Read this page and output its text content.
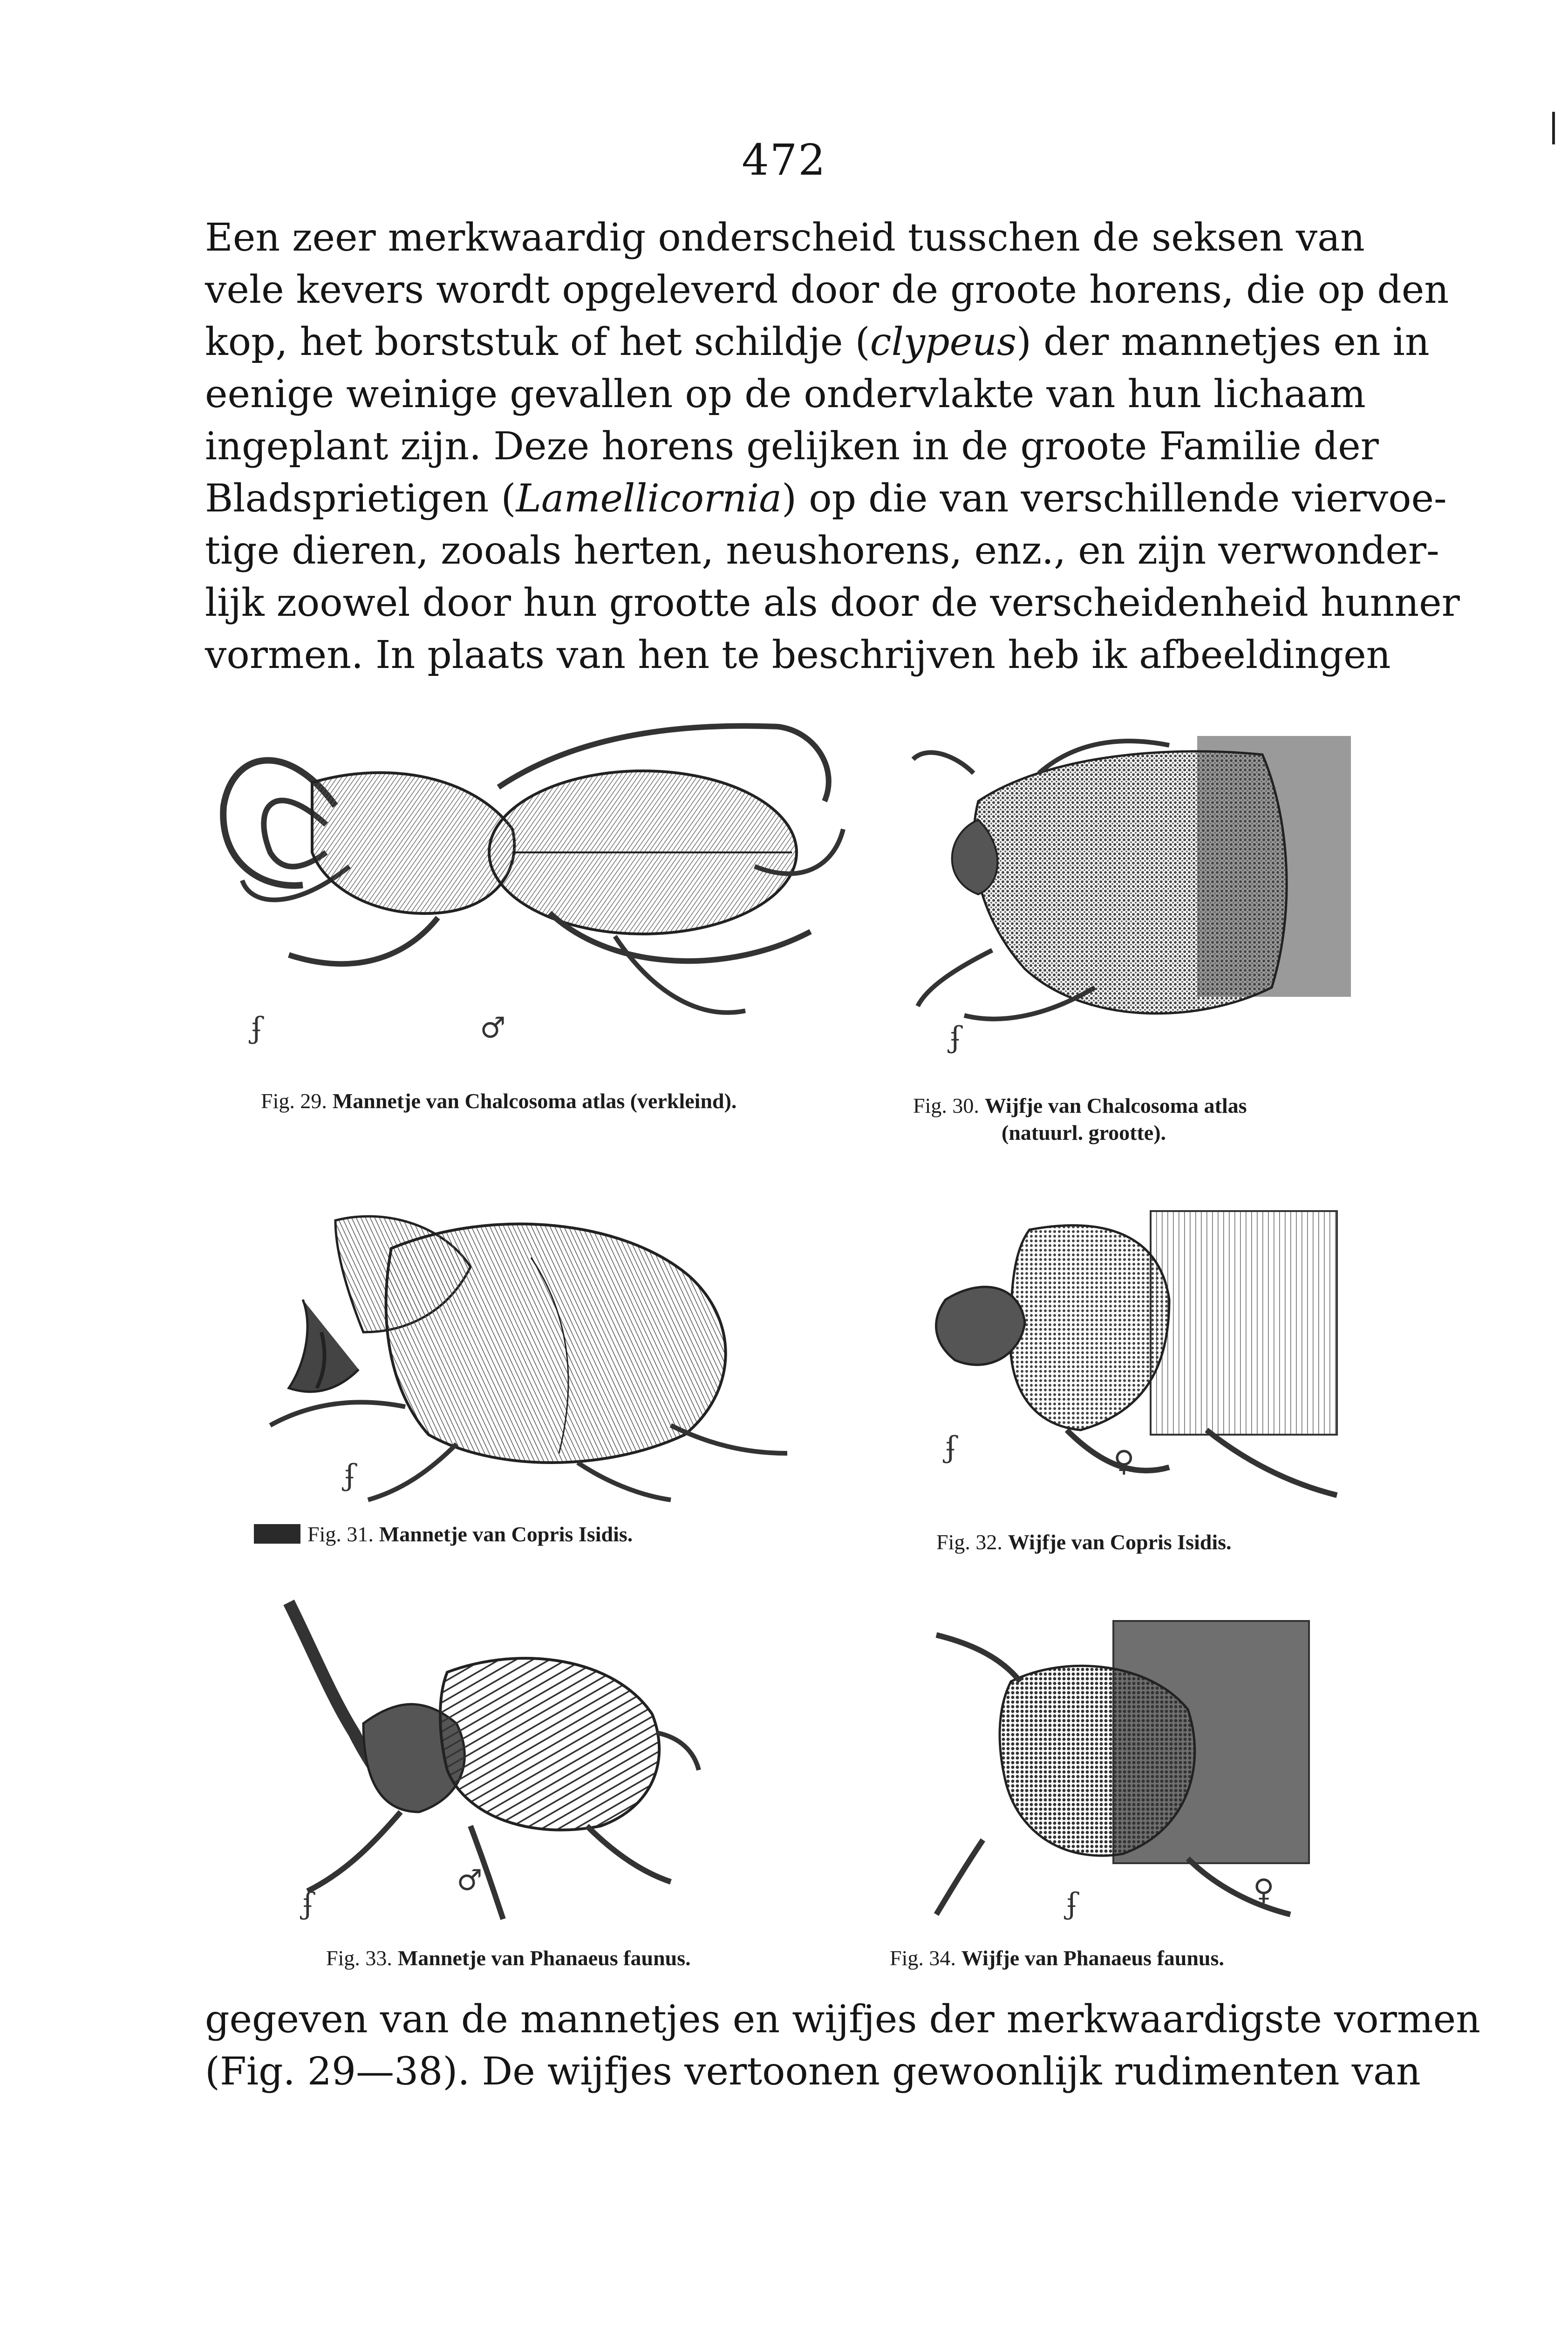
472
Een zeer merkwaardig onderscheid tusschen de seksen van
vele kevers wordt opgeleverd door de groote horens, die op den
kop, het borststuk of het schildje (clypeus) der mannetjes en in
eenige weinige gevallen op de ondervlakte van hun lichaam
ingeplant zijn. Deze horens gelijken in de groote Familie der
Bladsprietigen (Lamellicornia) op die van verschillende viervoe-
tige dieren, zooals herten, neushorens, enz., en zijn verwonder-
lijk zoowel door hun grootte als door de verscheidenheid hunner
vormen. In plaats van hen te beschrijven heb ik afbeeldingen
ʄ	♂
Fig. 29. Mannetje van Chalcosoma atlas (verkleind).
ʄ
Fig. 30. Wijfje van Chalcosoma atlas
(natuurl. grootte).
ʄ
Fig. 31. Mannetje van Copris Isidis.
ʄ	♀
Fig. 32. Wijfje van Copris Isidis.
ʄ
♂
Fig. 33. Mannetje van Phanaeus faunus.
ʄ	♀
Fig. 34. Wijfje van Phanaeus faunus.
gegeven van de mannetjes en wijfjes der merkwaardigste vormen
(Fig. 29—38). De wijfjes vertoonen gewoonlijk rudimenten van
